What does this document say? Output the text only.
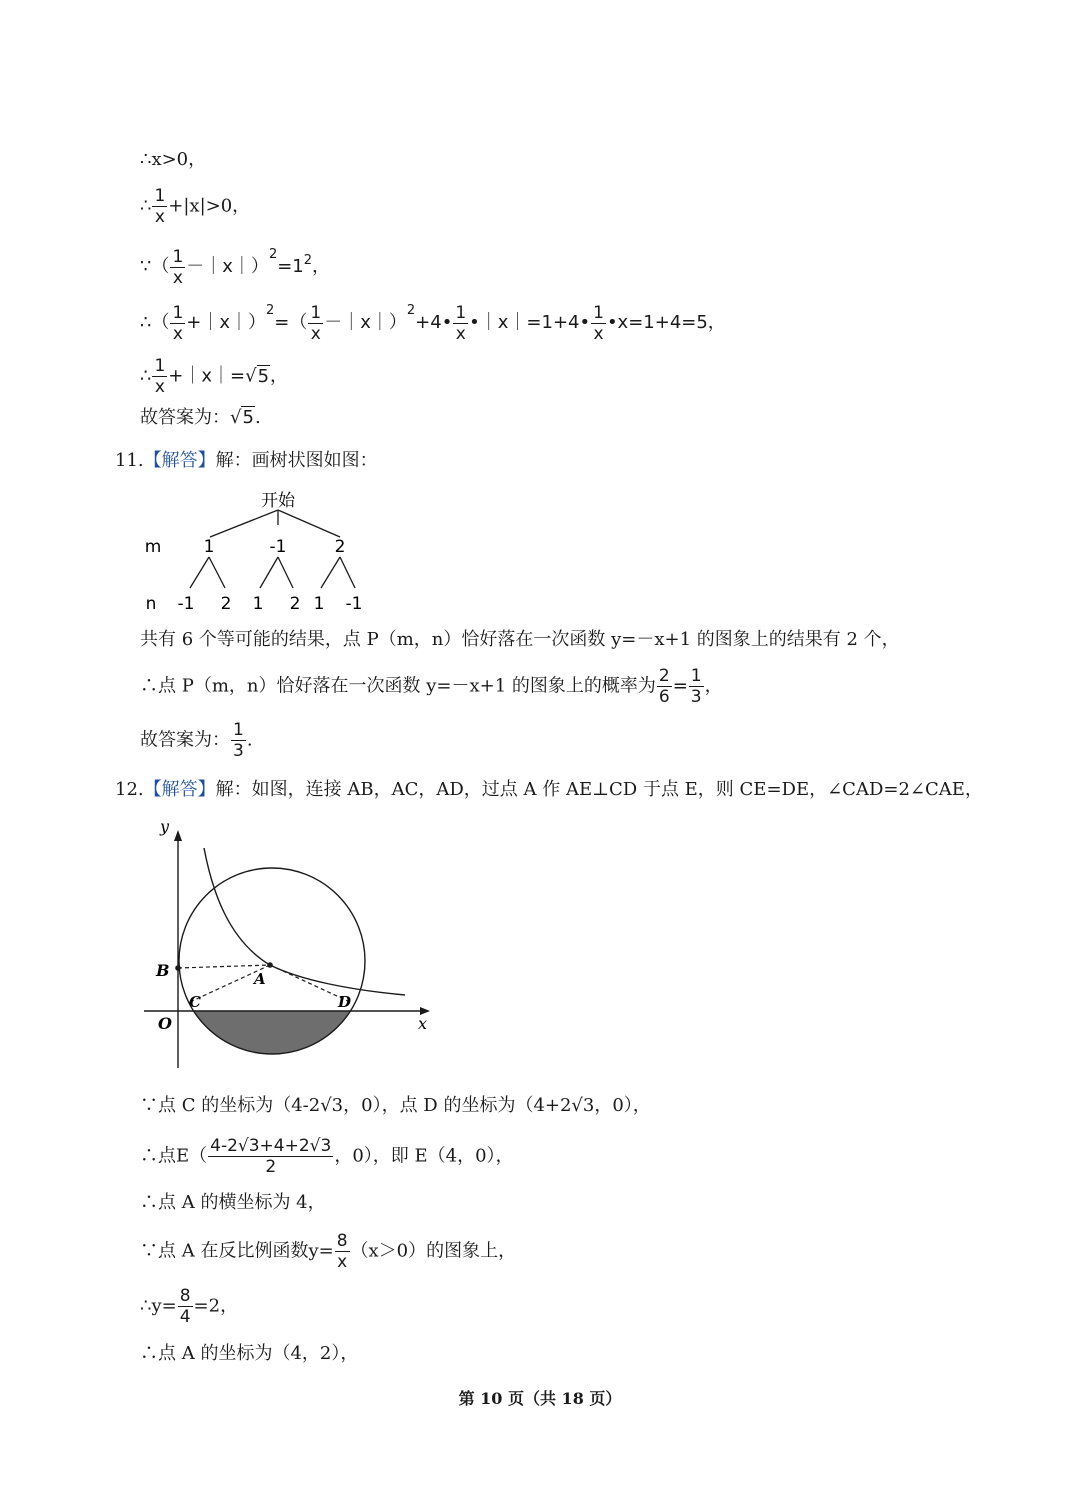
∴x>0，
∴ $\frac{1}{x} +|x|>0$，
∵（ $\frac{1}{x}$ $-|x|)^2=1^2$，
∴（ $\frac{1}{x}$ +｜x｜）$^2$=（ $\frac{1}{x}$ －｜x｜）$^2$+4• $\frac{1}{x}$ •｜x｜=1+4• $\frac{1}{x}$ •x=1+4=5，
∴ $\frac{1}{x}$ +｜x｜=√5，
故答案为：√5.
11.【解答】解：画树状图如图：
开始
m 1	-1	2
n -1 2 1 2 1 -1
共有 6 个等可能的结果，点 P（m，n）恰好落在一次函数 y=－x+1 的图象上的结果有 2 个，
∴点 P（m，n）恰好落在一次函数 y=－x+1 的图象上的概率为 $\frac{2}{6} = \frac{1}{3}$ ，
故答案为： $\frac{1}{3}$ .
12.【解答】解：如图，连接 AB，AC，AD，过点 A 作 AE⊥CD 于点 E，则 CE=DE，∠CAD=2∠CAE，
y
x
O
B	A
C	D
∵点 C 的坐标为（4-2√3，0），点 D 的坐标为（4+2√3，0），
∴点$E( \frac{4-2√3+4+2√3}{2}$ ，0），即 E（4，0），
∴点 A 的横坐标为 4，
∵点 A 在反比例函数$y= \frac{8}{x} (x>0)$的图象上，
∴y= $\frac{8}{4} =2$，
∴点 A 的坐标为（4，2），
第 10 页（共 18 页）
